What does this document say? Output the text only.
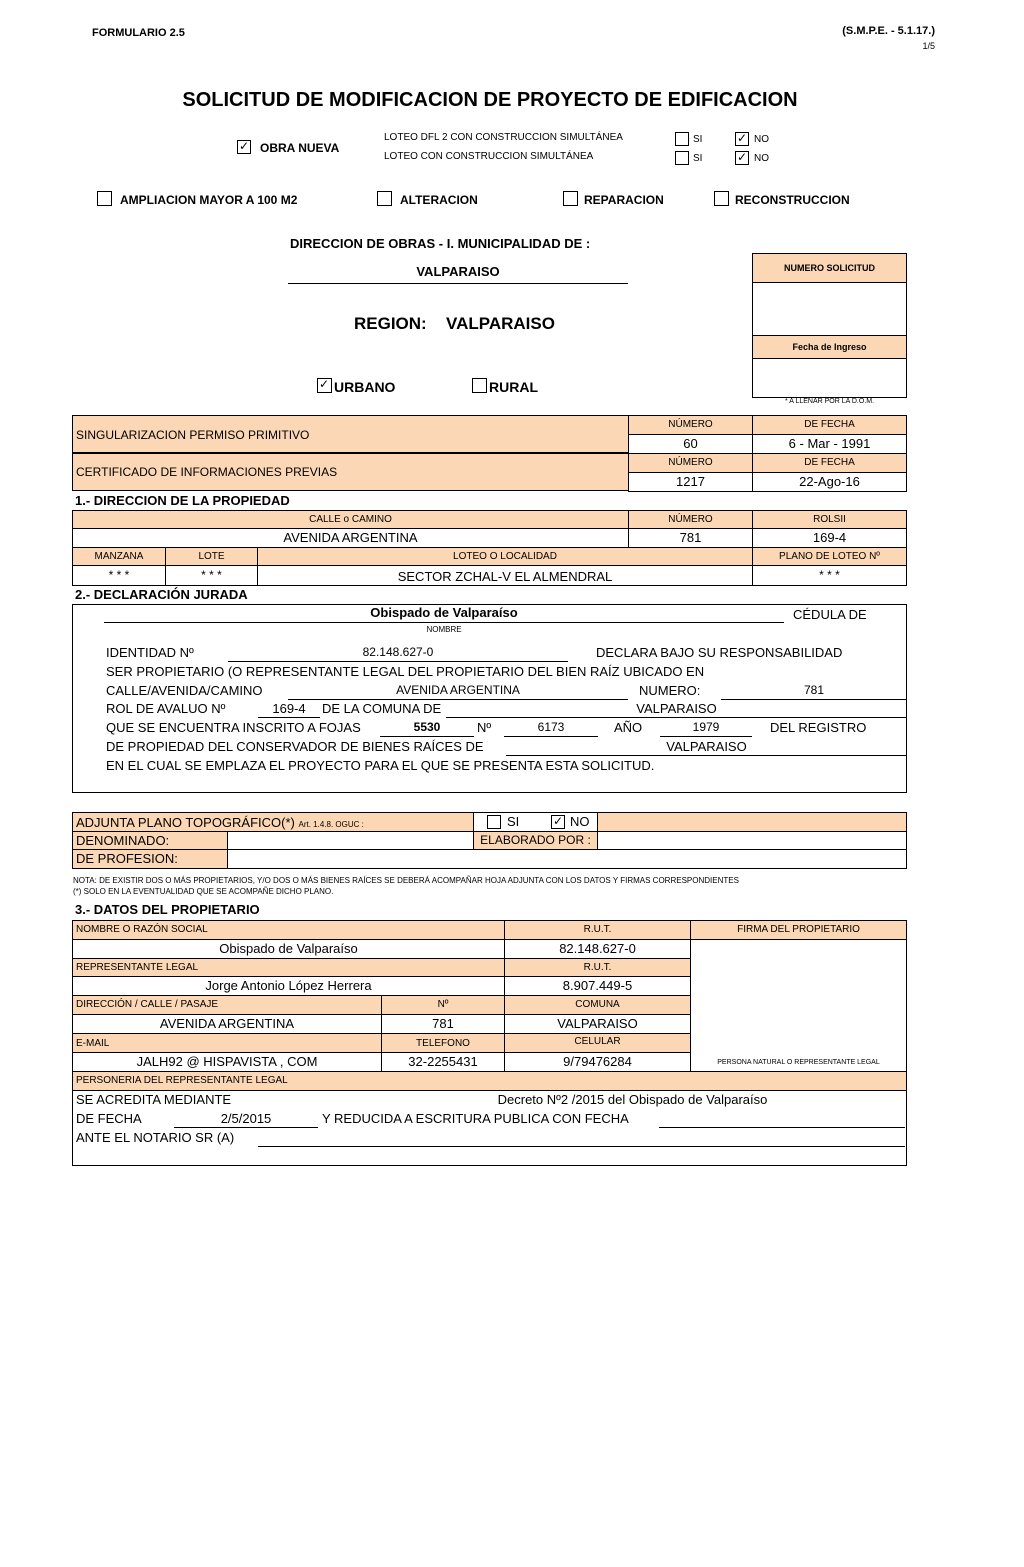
FORMULARIO 2.5	(S.M.P.E. - 5.1.17.)
1/5
SOLICITUD DE MODIFICACION DE PROYECTO DE EDIFICACION
✓
OBRA NUEVA
LOTEO DFL 2 CON CONSTRUCCION SIMULTÁNEA
LOTEO CON CONSTRUCCION SIMULTÁNEA
SI ✓	NO
SI ✓	NO
AMPLIACION MAYOR A 100 M2	ALTERACION	REPARACION	RECONSTRUCCION
DIRECCION DE OBRAS - I. MUNICIPALIDAD DE :
VALPARAISO
REGION: VALPARAISO
✓
URBANO	RURAL
NUMERO SOLICITUD
Fecha de Ingreso
* A LLENAR POR LA D.O.M.
SINGULARIZACION PERMISO PRIMITIVO
NÚMERO	DE FECHA
60	6 - Mar - 1991
CERTIFICADO DE INFORMACIONES PREVIAS
NÚMERO	DE FECHA
1217	22-Ago-16
1.- DIRECCION DE LA PROPIEDAD
CALLE o CAMINO	NÚMERO	ROLSII
AVENIDA ARGENTINA	781	169-4
MANZANA	LOTE	LOTEO O LOCALIDAD	PLANO DE LOTEO Nº
* * *	* * *	SECTOR ZCHAL-V EL ALMENDRAL	* * *
2.- DECLARACIÓN JURADA
Obispado de Valparaíso	CÉDULA DE
NOMBRE
IDENTIDAD Nº	82.148.627-0	DECLARA BAJO SU RESPONSABILIDAD
SER PROPIETARIO (O REPRESENTANTE LEGAL DEL PROPIETARIO DEL BIEN RAÍZ UBICADO EN
CALLE/AVENIDA/CAMINO	AVENIDA ARGENTINA	NUMERO:	781
ROL DE AVALUO Nº	169-4	DE LA COMUNA DE	VALPARAISO
QUE SE ENCUENTRA INSCRITO A FOJAS	5530	Nº	6173	AÑO	1979	DEL REGISTRO
DE PROPIEDAD DEL CONSERVADOR DE BIENES RAÍCES DE	VALPARAISO
EN EL CUAL SE EMPLAZA EL PROYECTO PARA EL QUE SE PRESENTA ESTA SOLICITUD.
ADJUNTA PLANO TOPOGRÁFICO(*) Art. 1.4.8. OGUC :	SI ✓	NO
DENOMINADO:	ELABORADO POR :
DE PROFESION:
NOTA: DE EXISTIR DOS O MÁS PROPIETARIOS, Y/O DOS O MÁS BIENES RAÍCES SE DEBERÁ ACOMPAÑAR HOJA ADJUNTA CON LOS DATOS Y FIRMAS CORRESPONDIENTES
(*) SOLO EN LA EVENTUALIDAD QUE SE ACOMPAÑE DICHO PLANO.
3.- DATOS DEL PROPIETARIO
NOMBRE O RAZÓN SOCIAL	R.U.T.	FIRMA DEL PROPIETARIO
Obispado de Valparaíso	82.148.627-0
REPRESENTANTE LEGAL	R.U.T.
Jorge Antonio López Herrera	8.907.449-5
DIRECCIÓN / CALLE / PASAJE	Nº	COMUNA
AVENIDA ARGENTINA	781	VALPARAISO
E-MAIL	TELEFONO	CELULAR
JALH92 @ HISPAVISTA , COM	32-2255431	9/79476284	PERSONA NATURAL O REPRESENTANTE LEGAL
PERSONERIA DEL REPRESENTANTE LEGAL
SE ACREDITA MEDIANTE	Decreto Nº2 /2015 del Obispado de Valparaíso
DE FECHA	2/5/2015	Y REDUCIDA A ESCRITURA PUBLICA CON FECHA
ANTE EL NOTARIO SR (A)
